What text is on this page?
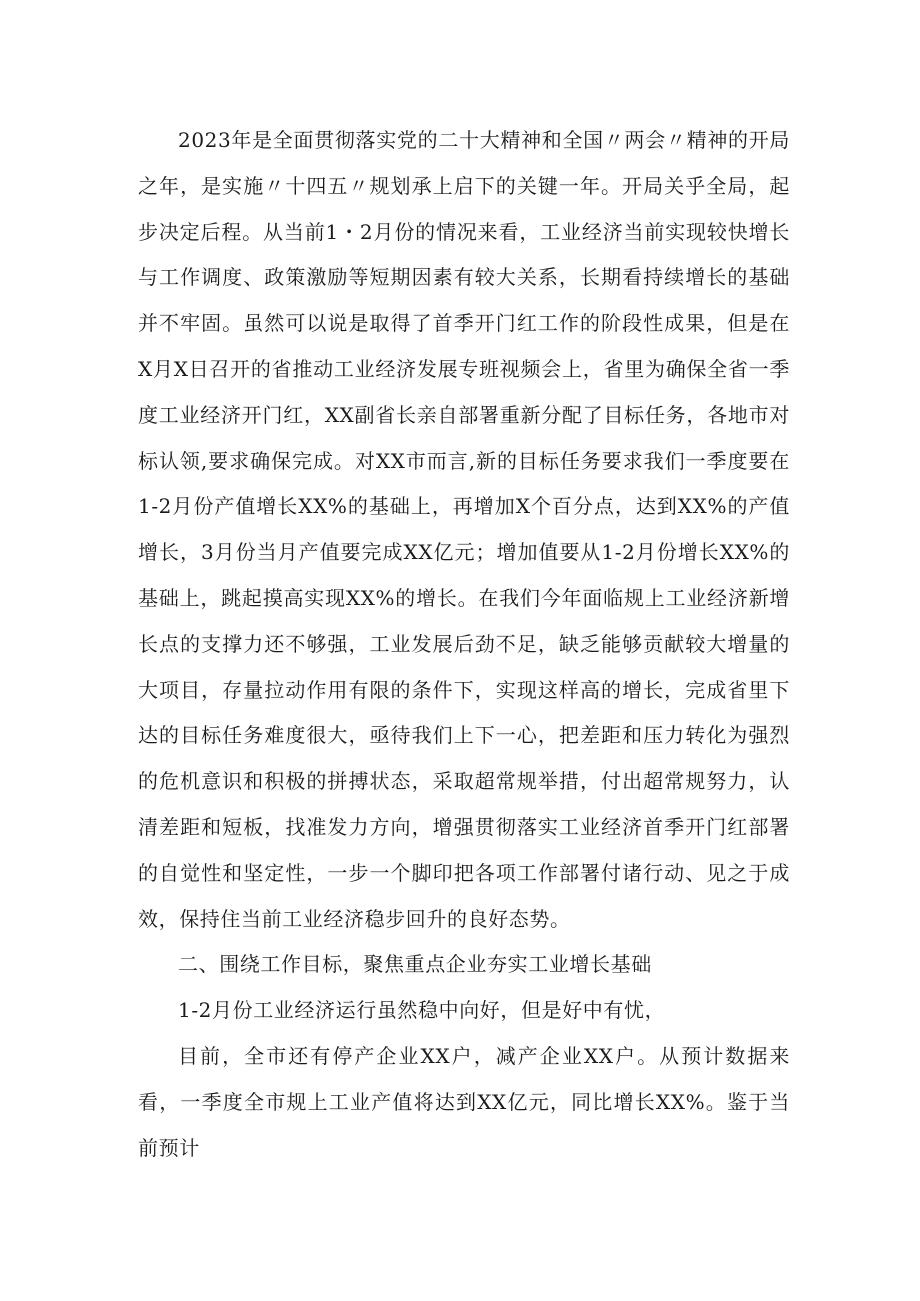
2023年是全面贯彻落实党的二十大精神和全国〃两会〃精神的开局之年，是实施〃十四五〃规划承上启下的关键一年。开局关乎全局，起步决定后程。从当前1・2月份的情况来看，工业经济当前实现较快增长与工作调度、政策激励等短期因素有较大关系，长期看持续增长的基础并不牢固。虽然可以说是取得了首季开门红工作的阶段性成果，但是在X月X日召开的省推动工业经济发展专班视频会上，省里为确保全省一季度工业经济开门红，XX副省长亲自部署重新分配了目标任务，各地市对标认领,要求确保完成。对XX市而言,新的目标任务要求我们一季度要在1-2月份产值增长XX%的基础上，再增加X个百分点，达到XX%的产值增长，3月份当月产值要完成XX亿元；增加值要从1-2月份增长XX%的基础上，跳起摸高实现XX%的增长。在我们今年面临规上工业经济新增长点的支撑力还不够强，工业发展后劲不足，缺乏能够贡献较大增量的大项目，存量拉动作用有限的条件下，实现这样高的增长，完成省里下达的目标任务难度很大，亟待我们上下一心，把差距和压力转化为强烈的危机意识和积极的拼搏状态，采取超常规举措，付出超常规努力，认清差距和短板，找准发力方向，增强贯彻落实工业经济首季开门红部署的自觉性和坚定性，一步一个脚印把各项工作部署付诸行动、见之于成效，保持住当前工业经济稳步回升的良好态势。

二、围绕工作目标，聚焦重点企业夯实工业增长基础

1-2月份工业经济运行虽然稳中向好，但是好中有忧，

目前，全市还有停产企业XX户，减产企业XX户。从预计数据来看，一季度全市规上工业产值将达到XX亿元，同比增长XX%。鉴于当前预计
